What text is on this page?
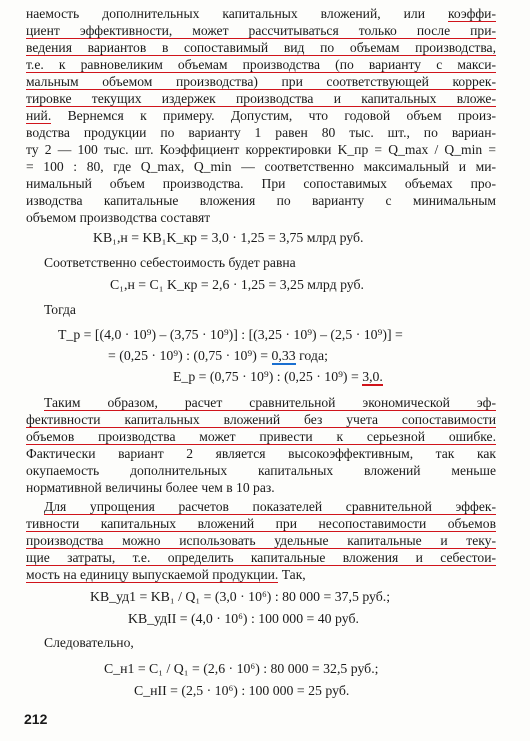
наемость дополнительных капитальных вложений, или коэффи-
циент эффективности, может рассчитываться только после при-
ведения вариантов в сопоставимый вид по объемам производства,
т.е. к равновеликим объемам производства (по варианту с макси-
мальным объемом производства) при соответствующей коррек-
тировке текущих издержек производства и капитальных вложе-
ний. Вернемся к примеру. Допустим, что годовой объем произ-
водства продукции по варианту 1 равен 80 тыс. шт., по вариан-
ту 2 — 100 тыс. шт. Коэффициент корректировки K_пр = Q_max / Q_min =
= 100 : 80, где Q_max, Q_min — соответственно максимальный и ми-
нимальный объем производства. При сопоставимых объемах про-
изводства капитальные вложения по варианту с минимальным
объемом производства составят
KB₁,н = KB₁K_кр = 3,0 · 1,25 = 3,75 млрд руб.
Соответственно себестоимость будет равна
C₁,н = C₁ K_кр = 2,6 · 1,25 = 3,25 млрд руб.
Тогда
T_р = [(4,0 · 10⁹) – (3,75 · 10⁹)] : [(3,25 · 10⁹) – (2,5 · 10⁹)] =
= (0,25 · 10⁹) : (0,75 · 10⁹) = 0,33 года;
E_р = (0,75 · 10⁹) : (0,25 · 10⁹) = 3,0.
Таким образом, расчет сравнительной экономической эф-
фективности капитальных вложений без учета сопоставимости
объемов производства может привести к серьезной ошибке.
Фактически вариант 2 является высокоэффективным, так как
окупаемость дополнительных капитальных вложений меньше
нормативной величины более чем в 10 раз.
Для упрощения расчетов показателей сравнительной эффек-
тивности капитальных вложений при несопоставимости объемов
производства можно использовать удельные капитальные и теку-
щие затраты, т.е. определить капитальные вложения и себестои-
мость на единицу выпускаемой продукции. Так,
KB_уд1 = KB₁ / Q₁ = (3,0 · 10⁶) : 80 000 = 37,5 руб.;
KB_удII = (4,0 · 10⁶) : 100 000 = 40 руб.
Следовательно,
C_н1 = C₁ / Q₁ = (2,6 · 10⁶) : 80 000 = 32,5 руб.;
C_нII = (2,5 · 10⁶) : 100 000 = 25 руб.
212
